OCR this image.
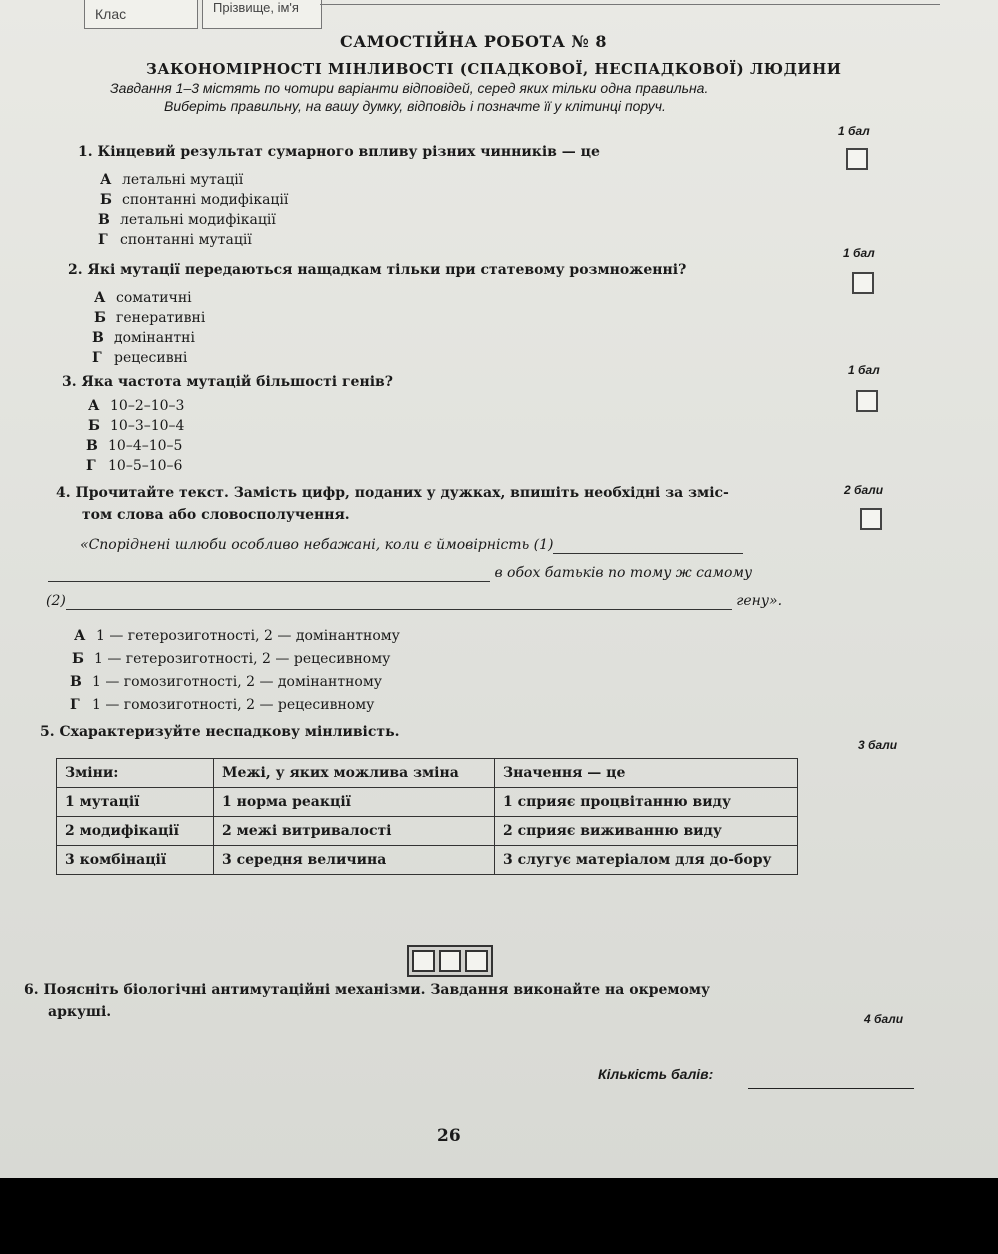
Клас	Прізвище, ім'я
САМОСТІЙНА РОБОТА № 8
ЗАКОНОМІРНОСТІ МІНЛИВОСТІ (СПАДКОВОЇ, НЕСПАДКОВОЇ) ЛЮДИНИ
Завдання 1–3 містять по чотири варіанти відповідей, серед яких тільки одна правильна.
Виберіть правильну, на вашу думку, відповідь і позначте її у клітинці поруч.
1 бал
1. Кінцевий результат сумарного впливу різних чинників — це
А летальні мутації
Б спонтанні модифікації
В летальні модифікації
Г спонтанні мутації
1 бал
2. Які мутації передаються нащадкам тільки при статевому розмноженні?
А соматичні
Б генеративні
В домінантні
Г рецесивні
1 бал
3. Яка частота мутацій більшості генів?
А 10–2–10–3
Б 10–3–10–4
В 10–4–10–5
Г 10–5–10–6
2 бали
4. Прочитайте текст. Замість цифр, поданих у дужках, впишіть необхідні за зміс-
том слова або словосполучення.
«Споріднені шлюби особливо небажані, коли є ймовірність (1)
в обох батьків по тому ж самому
(2)	гену».
А 1 — гетерозиготності, 2 — домінантному
Б 1 — гетерозиготності, 2 — рецесивному
В 1 — гомозиготності, 2 — домінантному
Г 1 — гомозиготності, 2 — рецесивному
5. Схарактеризуйте неспадкову мінливість.
3 бали
Зміни:	Межі, у яких можлива зміна	Значення — це
1 мутації	1 норма реакції	1 сприяє процвітанню виду
2 модифікації	2 межі витривалості	2 сприяє виживанню виду
3 комбінації	3 середня величина	3 слугує матеріалом для до-бору
6. Поясніть біологічні антимутаційні механізми. Завдання виконайте на окремому
аркуші.	4 бали
Кількість балів:
26
